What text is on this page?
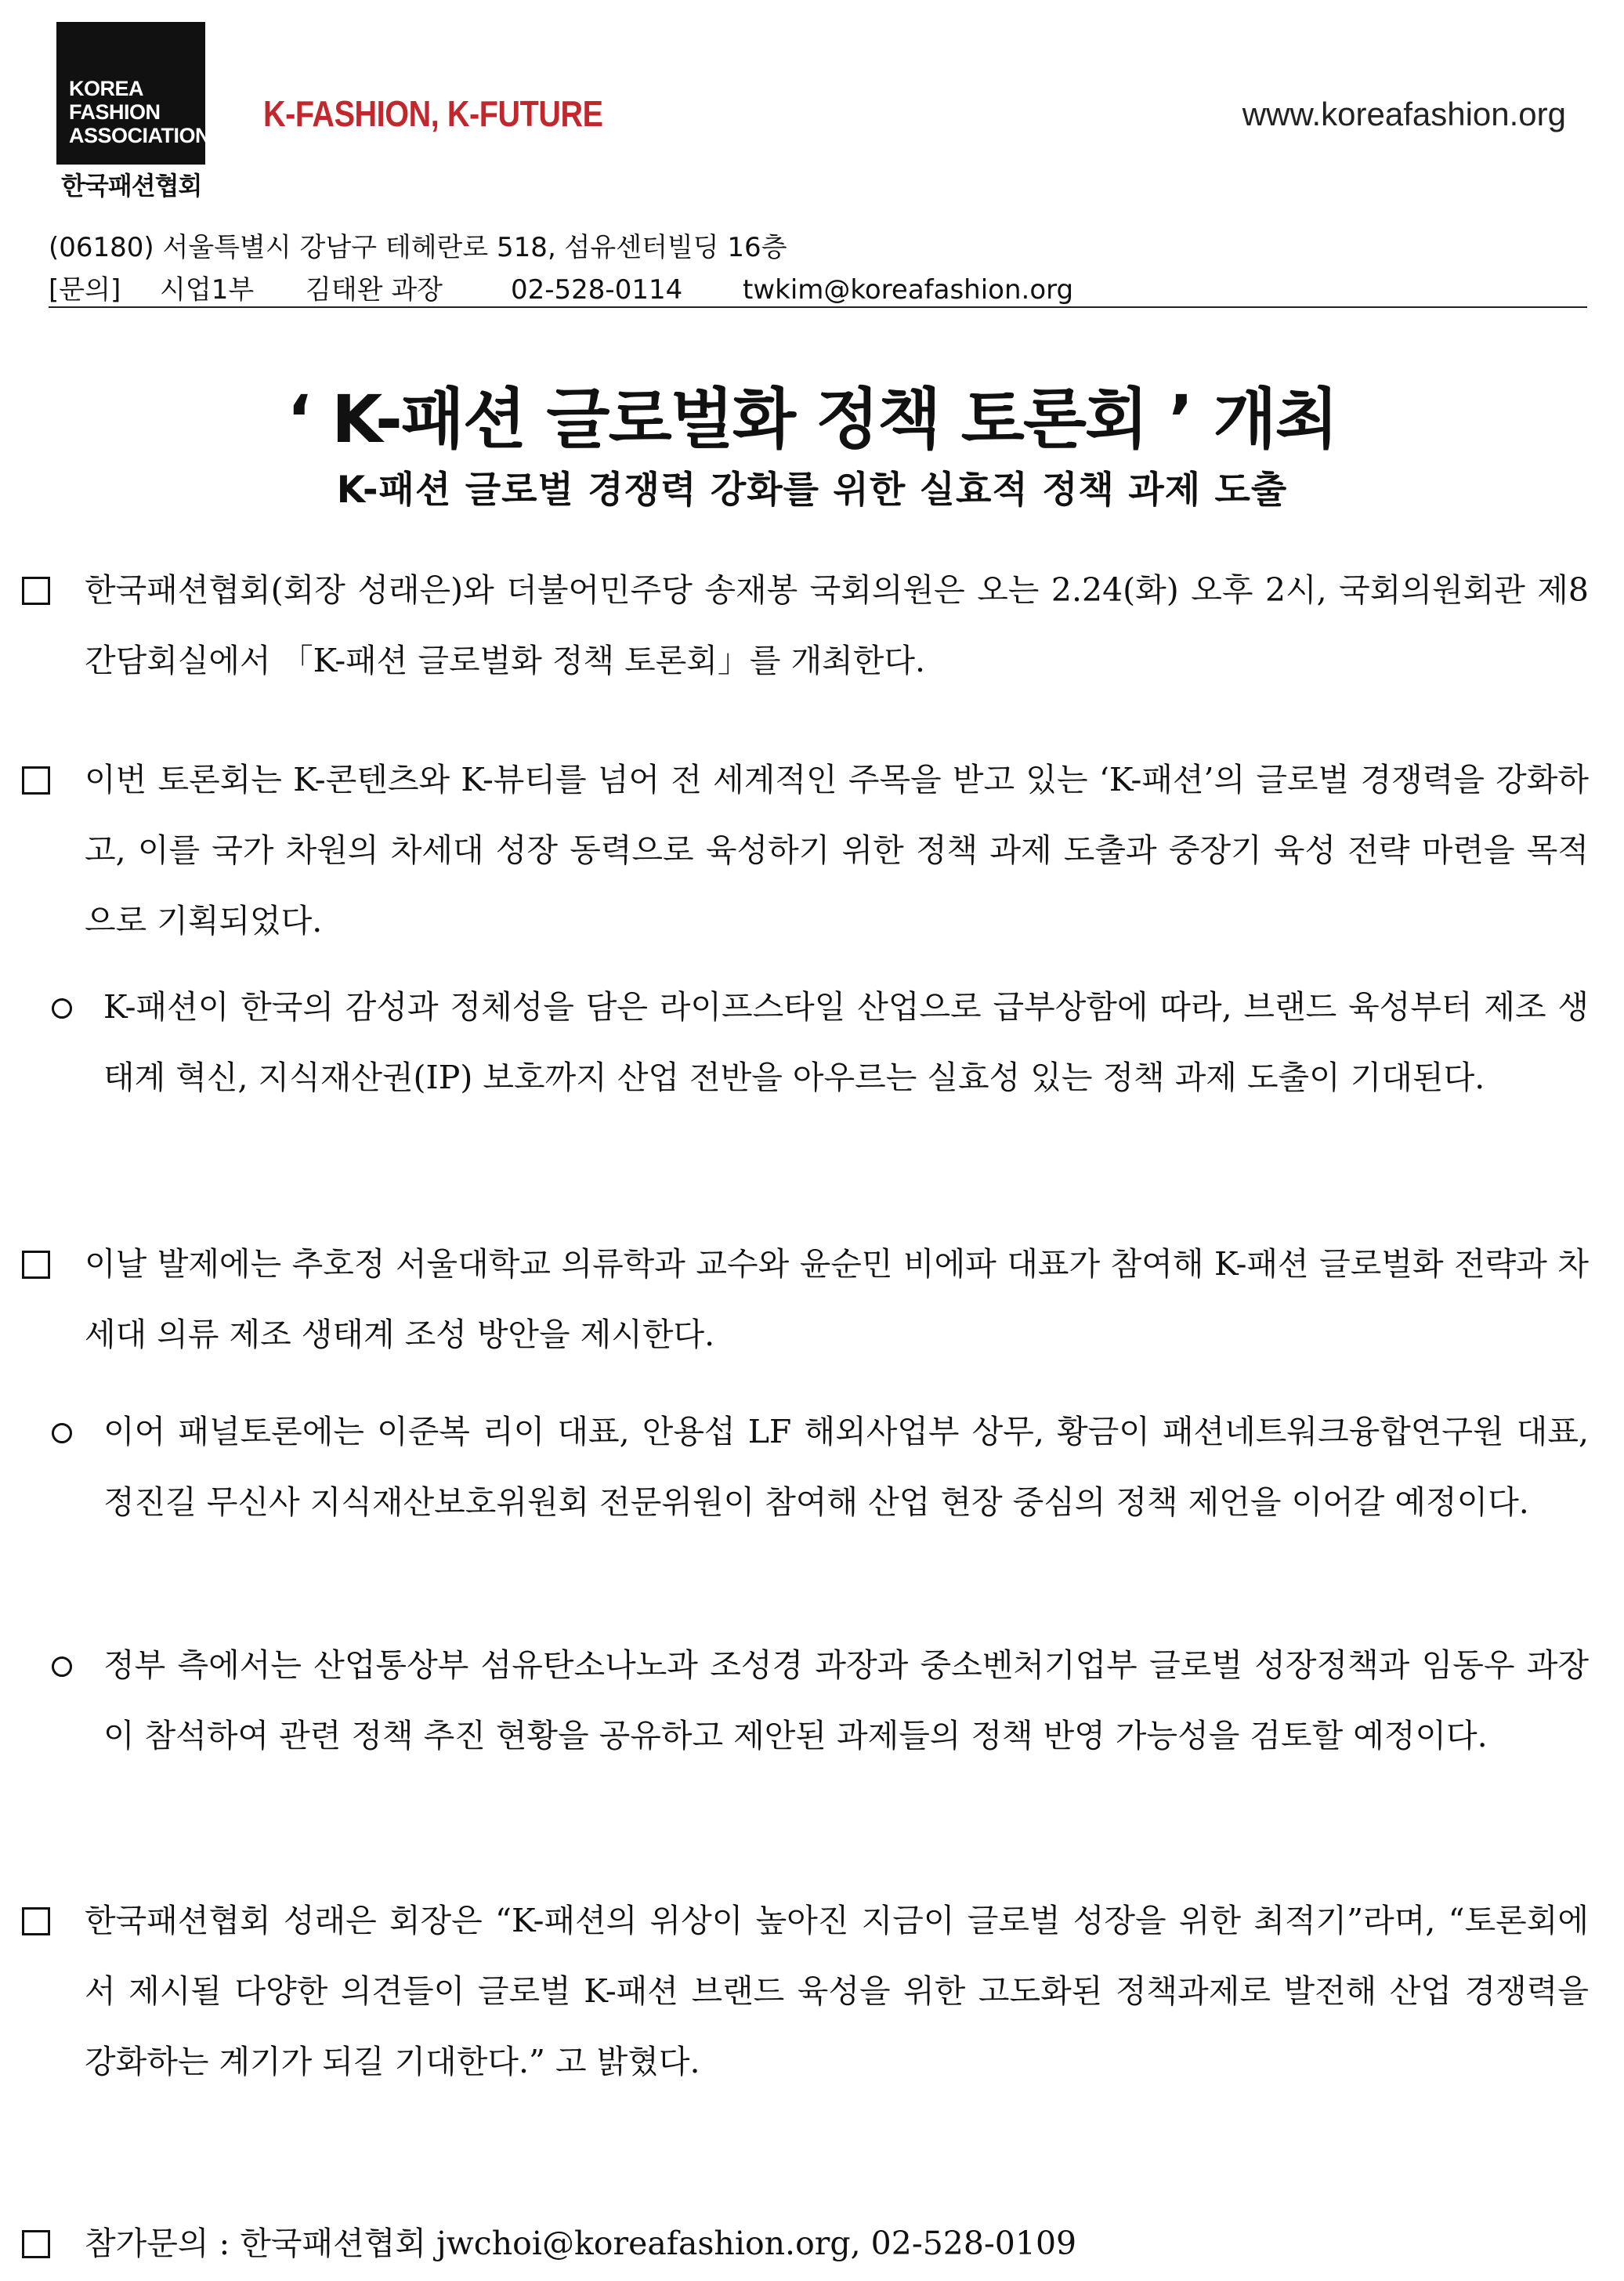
KOREA
FASHION
ASSOCIATION
한국패션협회
K-FASHION, K-FUTURE	www.koreafashion.org
(06180) 서울특별시 강남구 테헤란로 518, 섬유센터빌딩 16층
[문의] 시업1부 김태완 과장	02-528-0114 twkim@koreafashion.org
‘ K-패션 글로벌화 정책 토론회 ’ 개최
K-패션 글로벌 경쟁력 강화를 위한 실효적 정책 과제 도출
한국패션협회(회장 성래은)와 더불어민주당 송재봉 국회의원은 오는 2.24(화) 오후 2시, 국회의원회관 제8간담회실에서 「K-패션 글로벌화 정책 토론회」를 개최한다.
이번 토론회는 K-콘텐츠와 K-뷰티를 넘어 전 세계적인 주목을 받고 있는 ‘K-패션’의 글로벌 경쟁력을 강화하고, 이를 국가 차원의 차세대 성장 동력으로 육성하기 위한 정책 과제 도출과 중장기 육성 전략 마련을 목적으로 기획되었다.
K-패션이 한국의 감성과 정체성을 담은 라이프스타일 산업으로 급부상함에 따라, 브랜드 육성부터 제조 생태계 혁신, 지식재산권(IP) 보호까지 산업 전반을 아우르는 실효성 있는 정책 과제 도출이 기대된다.
이날 발제에는 추호정 서울대학교 의류학과 교수와 윤순민 비에파 대표가 참여해 K-패션 글로벌화 전략과 차세대 의류 제조 생태계 조성 방안을 제시한다.
이어 패널토론에는 이준복 리이 대표, 안용섭 LF 해외사업부 상무, 황금이 패션네트워크융합연구원 대표, 정진길 무신사 지식재산보호위원회 전문위원이 참여해 산업 현장 중심의 정책 제언을 이어갈 예정이다.
정부 측에서는 산업통상부 섬유탄소나노과 조성경 과장과 중소벤처기업부 글로벌 성장정책과 임동우 과장이 참석하여 관련 정책 추진 현황을 공유하고 제안된 과제들의 정책 반영 가능성을 검토할 예정이다.
한국패션협회 성래은 회장은 “K-패션의 위상이 높아진 지금이 글로벌 성장을 위한 최적기”라며, “토론회에서 제시될 다양한 의견들이 글로벌 K-패션 브랜드 육성을 위한 고도화된 정책과제로 발전해 산업 경쟁력을 강화하는 계기가 되길 기대한다.” 고 밝혔다.
참가문의 : 한국패션협회 jwchoi@koreafashion.org, 02-528-0109
